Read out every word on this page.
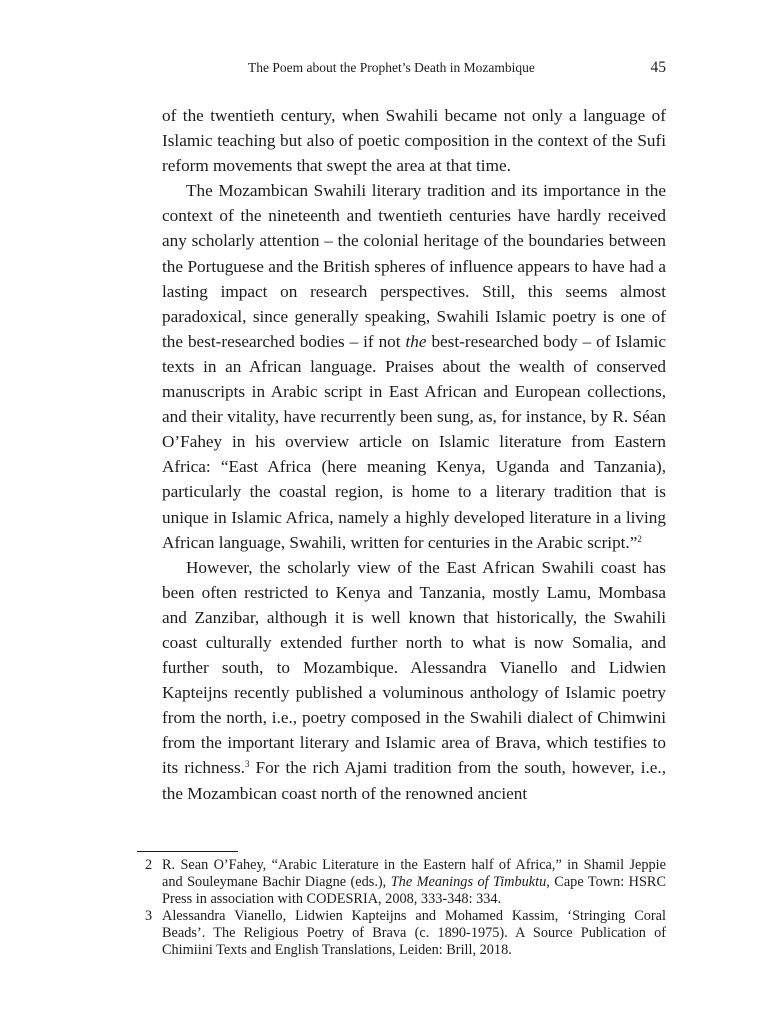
The Poem about the Prophet’s Death in Mozambique	45

of the twentieth century, when Swahili became not only a language of Islamic teaching but also of poetic composition in the context of the Sufi reform movements that swept the area at that time.

The Mozambican Swahili literary tradition and its importance in the context of the nineteenth and twentieth centuries have hardly received any scholarly attention – the colonial heritage of the boundaries between the Portuguese and the British spheres of influence appears to have had a lasting impact on research perspectives. Still, this seems almost paradoxical, since generally speaking, Swahili Islamic poetry is one of the best-researched bodies – if not the best-researched body – of Islamic texts in an African language. Praises about the wealth of conserved manuscripts in Arabic script in East African and European collections, and their vitality, have recurrently been sung, as, for instance, by R. Séan O’Fahey in his overview article on Islamic literature from Eastern Africa: “East Africa (here meaning Kenya, Uganda and Tanzania), particularly the coastal region, is home to a literary tradition that is unique in Islamic Africa, namely a highly developed literature in a living African language, Swahili, written for centuries in the Arabic script.”$^2$

However, the scholarly view of the East African Swahili coast has been often restricted to Kenya and Tanzania, mostly Lamu, Mombasa and Zanzibar, although it is well known that historically, the Swahili coast culturally extended further north to what is now Somalia, and further south, to Mozambique. Alessandra Vianello and Lidwien Kapteijns recently published a voluminous anthology of Islamic poetry from the north, i.e., poetry composed in the Swahili dialect of Chimwini from the important literary and Islamic area of Brava, which testifies to its richness.$^3$ For the rich Ajami tradition from the south, however, i.e., the Mozambican coast north of the renowned ancient

2 R. Sean O’Fahey, “Arabic Literature in the Eastern half of Africa,” in Shamil Jeppie and Souleymane Bachir Diagne (eds.), The Meanings of Timbuktu, Cape Town: HSRC Press in association with CODESRIA, 2008, 333-348: 334.
3 Alessandra Vianello, Lidwien Kapteijns and Mohamed Kassim, ‘Stringing Coral Beads’. The Religious Poetry of Brava (c. 1890-1975). A Source Publication of Chimiini Texts and English Translations, Leiden: Brill, 2018.
